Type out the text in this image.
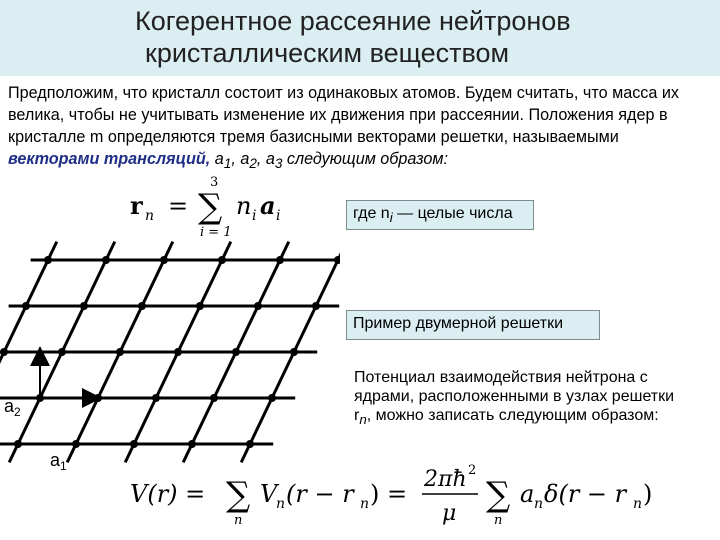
Когерентное рассеяние нейтронов
кристаллическим веществом

Предположим, что кристалл состоит из одинаковых атомов. Будем считать, что масса их велика, чтобы не учитывать изменение их движения при рассеянии. Положения ядер в кристалле m определяются тремя базисными векторами решетки, называемыми векторами трансляций, $a_1$, $a_2$, $a_3$ следующим образом:

r n = ∑
3
i = 1
n i a i	где $n_i$ — целые числа
$a_2$
$a_1$
Пример двумерной решетки
Потенциал взаимодействия нейтрона с ядрами, расположенными в узлах решетки $r_n$, можно записать следующим образом:
V(r) = ∑
n
V
n (r − r n ) =
2πħ 2
μ ∑
n
a n δ(r − r n )
